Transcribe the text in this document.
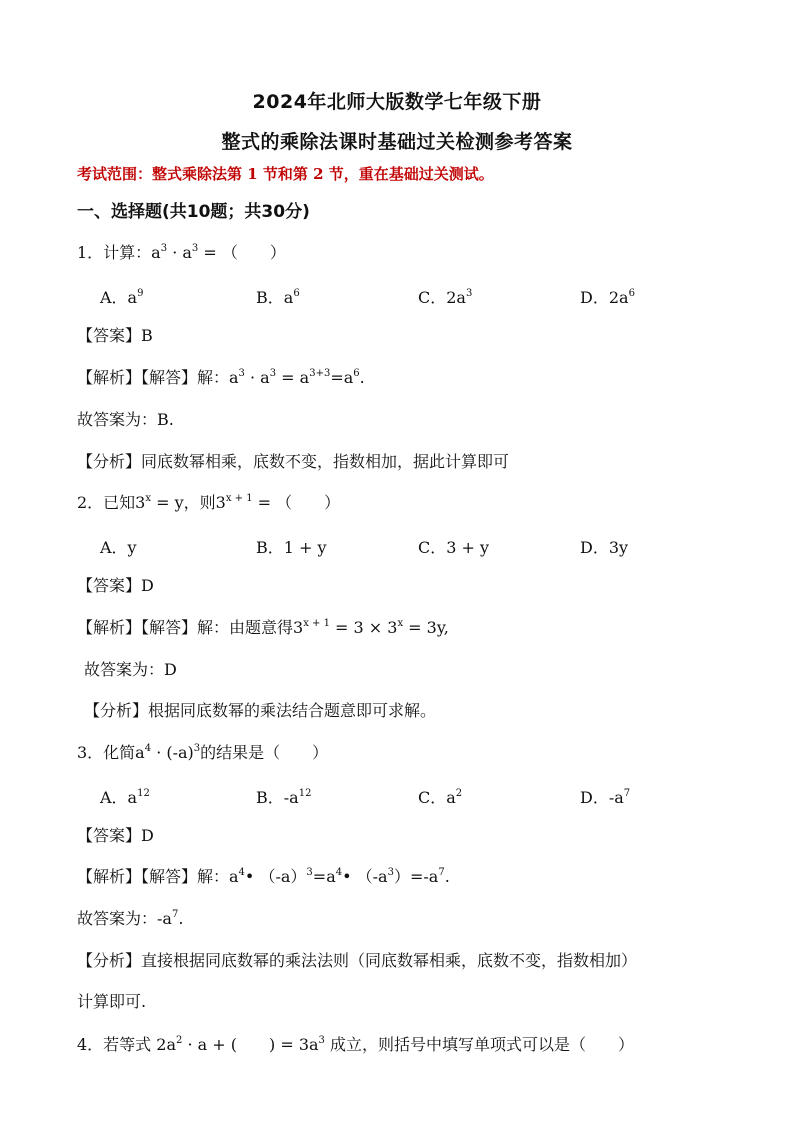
2024年北师大版数学七年级下册
整式的乘除法课时基础过关检测参考答案
考试范围：整式乘除法第 1 节和第 2 节，重在基础过关测试。
一、选择题(共10题；共30分)
1．计算：$a^3 \cdot a^3$ = （　　）
A．$a^9$	B．$a^6$	C．$2a^3$	D．$2a^6$
【答案】B
【解析】【解答】解：$a^3 \cdot a^3 = a^{3+3}=a^6$.
故答案为：B.
【分析】同底数幂相乘，底数不变，指数相加，据此计算即可
2．已知$3^x = y$，则$3^{x + 1}$ = （　　）
A．y	B．1 + y	C．3 + y	D．3y
【答案】D
【解析】【解答】解：由题意得$3^{x + 1} = 3 \times 3^x = 3y$,
故答案为：D
【分析】根据同底数幂的乘法结合题意即可求解。
3．化简$a^4 \cdot (-a)^3$的结果是（　　）
A．$a^{12}$	B．$-a^{12}$	C．$a^2$	D．$-a^7$
【答案】D
【解析】【解答】解：$a^4•$ $(-a)^3=a^4•$ $(-a^3)=-a^7$.
故答案为：$-a^7$.
【分析】直接根据同底数幂的乘法法则（同底数幂相乘，底数不变，指数相加）
计算即可.
4．若等式 $2a^2 \cdot a$ + (　　) = $3a^3$ 成立，则括号中填写单项式可以是（　　）
